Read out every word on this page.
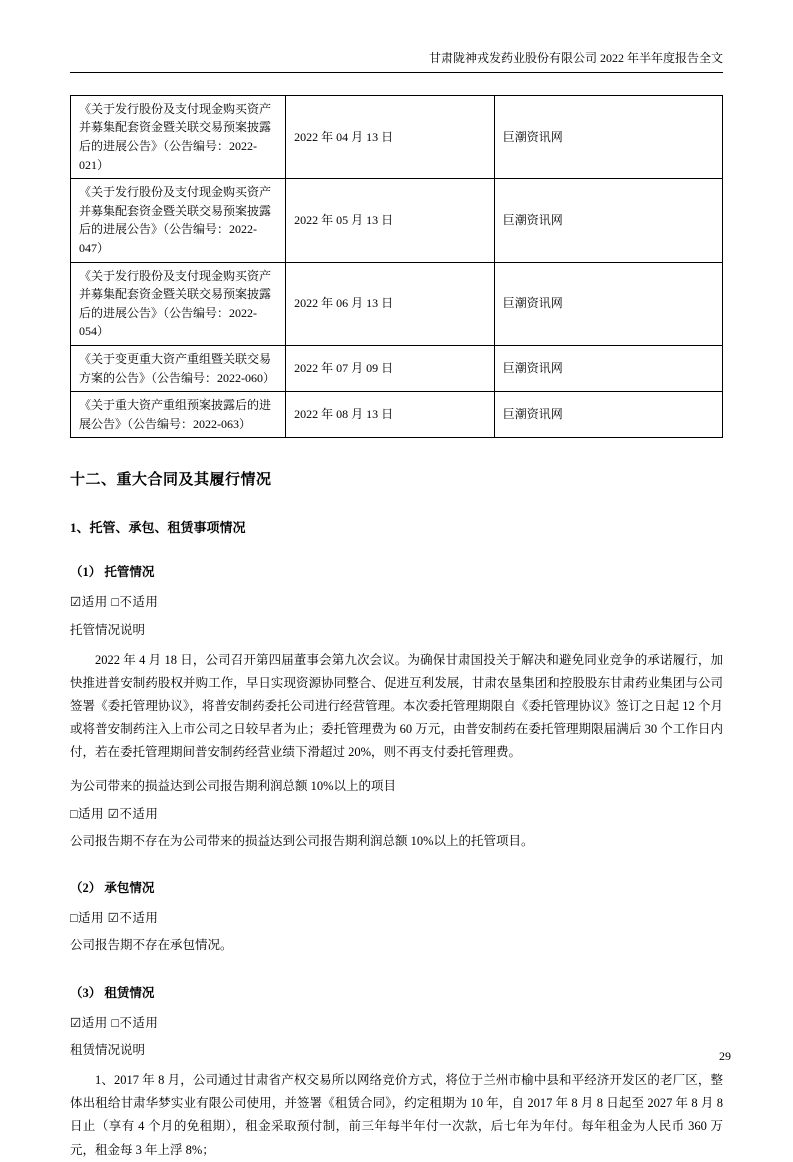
甘肃陇神戎发药业股份有限公司 2022 年半年度报告全文
《关于发行股份及支付现金购买资产并募集配套资金暨关联交易预案披露后的进展公告》（公告编号：2022-021）	2022 年 04 月 13 日	巨潮资讯网
《关于发行股份及支付现金购买资产并募集配套资金暨关联交易预案披露后的进展公告》（公告编号：2022-047）	2022 年 05 月 13 日	巨潮资讯网
《关于发行股份及支付现金购买资产并募集配套资金暨关联交易预案披露后的进展公告》（公告编号：2022-054）	2022 年 06 月 13 日	巨潮资讯网
《关于变更重大资产重组暨关联交易方案的公告》（公告编号：2022-060）	2022 年 07 月 09 日	巨潮资讯网
《关于重大资产重组预案披露后的进展公告》（公告编号：2022-063）	2022 年 08 月 13 日	巨潮资讯网
十二、重大合同及其履行情况
1、托管、承包、租赁事项情况
（1） 托管情况
☑适用 □不适用
托管情况说明
2022 年 4 月 18 日，公司召开第四届董事会第九次会议。为确保甘肃国投关于解决和避免同业竞争的承诺履行，加快推进普安制药股权并购工作，早日实现资源协同整合、促进互利发展，甘肃农垦集团和控股股东甘肃药业集团与公司签署《委托管理协议》，将普安制药委托公司进行经营管理。本次委托管理期限自《委托管理协议》签订之日起 12 个月或将普安制药注入上市公司之日较早者为止；委托管理费为 60 万元，由普安制药在委托管理期限届满后 30 个工作日内付，若在委托管理期间普安制药经营业绩下滑超过 20%，则不再支付委托管理费。
为公司带来的损益达到公司报告期利润总额 10%以上的项目
□适用 ☑不适用
公司报告期不存在为公司带来的损益达到公司报告期利润总额 10%以上的托管项目。
（2） 承包情况
□适用 ☑不适用
公司报告期不存在承包情况。
（3） 租赁情况
☑适用 □不适用
租赁情况说明
1、2017 年 8 月，公司通过甘肃省产权交易所以网络竞价方式，将位于兰州市榆中县和平经济开发区的老厂区，整体出租给甘肃华梦实业有限公司使用，并签署《租赁合同》，约定租期为 10 年，自 2017 年 8 月 8 日起至 2027 年 8 月 8 日止（享有 4 个月的免租期），租金采取预付制，前三年每半年付一次款，后七年为年付。每年租金为人民币 360 万元，租金每 3 年上浮 8%；
29
